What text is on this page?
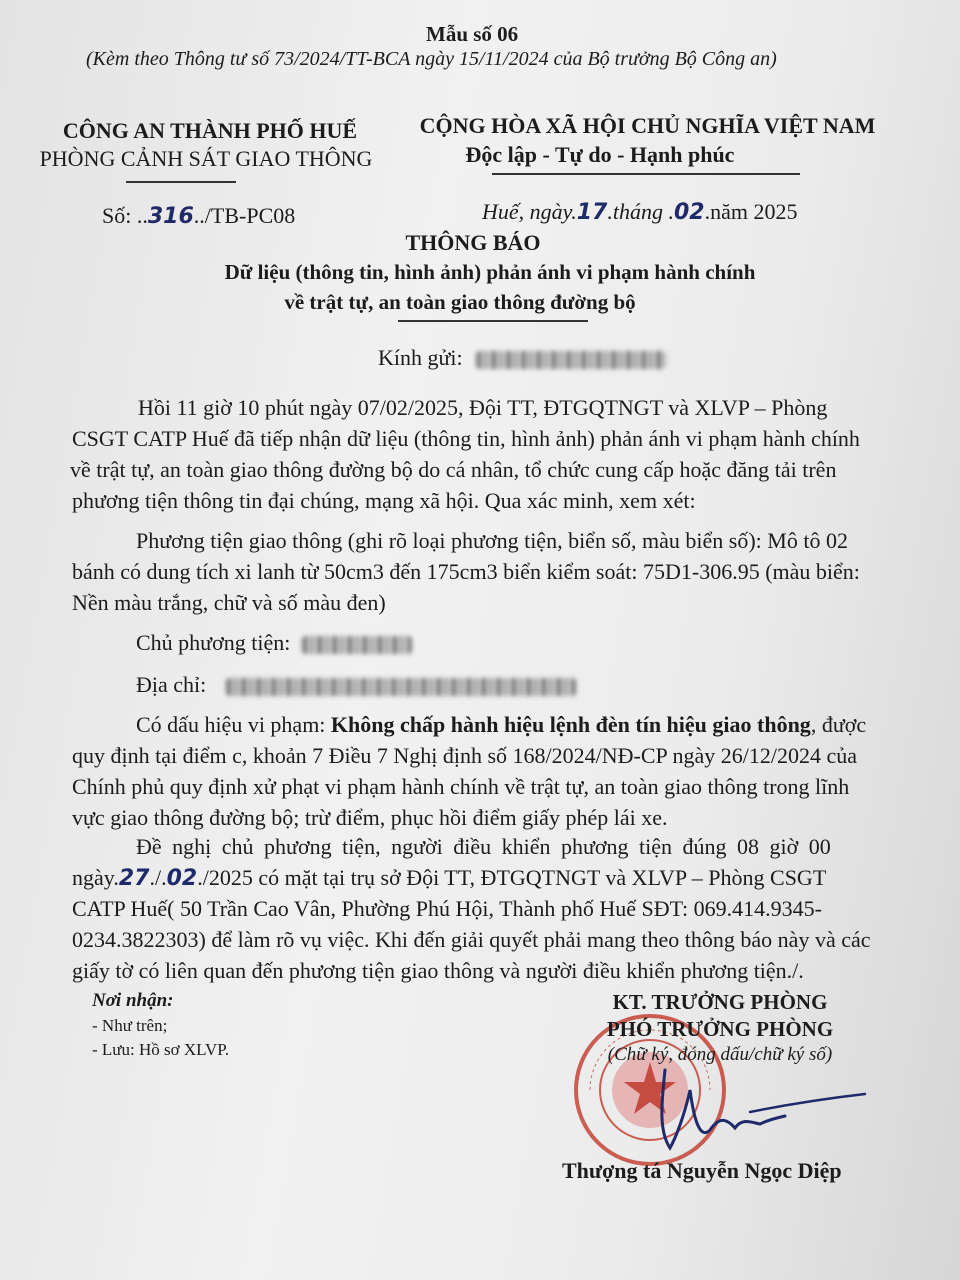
Mẫu số 06
(Kèm theo Thông tư số 73/2024/TT-BCA ngày 15/11/2024 của Bộ trưởng Bộ Công an)
CÔNG AN THÀNH PHỐ HUẾ
PHÒNG CẢNH SÁT GIAO THÔNG
CỘNG HÒA XÃ HỘI CHỦ NGHĨA VIỆT NAM
Độc lập - Tự do - Hạnh phúc
Số: ..316../TB-PC08	Huế, ngày.17.tháng .02.năm 2025
THÔNG BÁO
Dữ liệu (thông tin, hình ảnh) phản ánh vi phạm hành chính
về trật tự, an toàn giao thông đường bộ
Kính gửi:
Hồi 11 giờ 10 phút ngày 07/02/2025, Đội TT, ĐTGQTNGT và XLVP – Phòng
CSGT CATP Huế đã tiếp nhận dữ liệu (thông tin, hình ảnh) phản ánh vi phạm hành chính
về trật tự, an toàn giao thông đường bộ do cá nhân, tổ chức cung cấp hoặc đăng tải trên
phương tiện thông tin đại chúng, mạng xã hội. Qua xác minh, xem xét:
Phương tiện giao thông (ghi rõ loại phương tiện, biển số, màu biển số): Mô tô 02
bánh có dung tích xi lanh từ 50cm3 đến 175cm3 biển kiểm soát: 75D1-306.95 (màu biển:
Nền màu trắng, chữ và số màu đen)
Chủ phương tiện:
Địa chỉ:
Có dấu hiệu vi phạm: Không chấp hành hiệu lệnh đèn tín hiệu giao thông, được
quy định tại điểm c, khoản 7 Điều 7 Nghị định số 168/2024/NĐ-CP ngày 26/12/2024 của
Chính phủ quy định xử phạt vi phạm hành chính về trật tự, an toàn giao thông trong lĩnh
vực giao thông đường bộ; trừ điểm, phục hồi điểm giấy phép lái xe.
Đề nghị chủ phương tiện, người điều khiển phương tiện đúng 08 giờ 00
ngày.27./.02./2025 có mặt tại trụ sở Đội TT, ĐTGQTNGT và XLVP – Phòng CSGT
CATP Huế( 50 Trần Cao Vân, Phường Phú Hội, Thành phố Huế SĐT: 069.414.9345-
0234.3822303) để làm rõ vụ việc. Khi đến giải quyết phải mang theo thông báo này và các
giấy tờ có liên quan đến phương tiện giao thông và người điều khiển phương tiện./.
Nơi nhận:
- Như trên;
- Lưu: Hồ sơ XLVP.
KT. TRƯỞNG PHÒNG
PHÓ TRƯỞNG PHÒNG
(Chữ ký, đóng dấu/chữ ký số)
Thượng tá Nguyễn Ngọc Diệp
